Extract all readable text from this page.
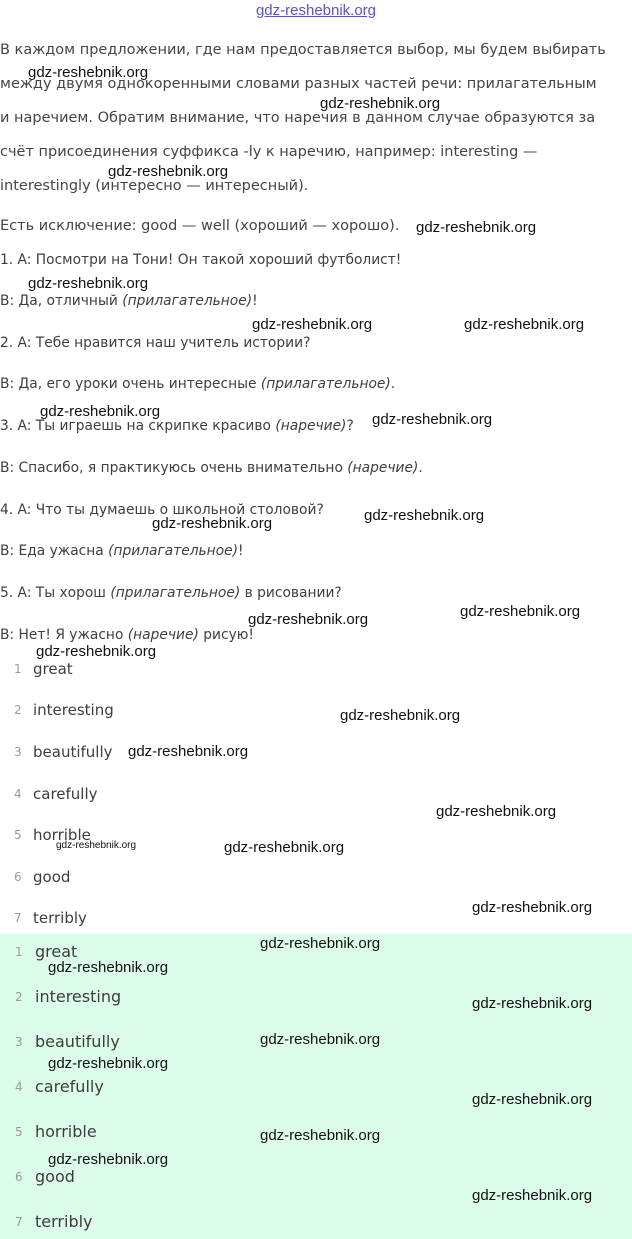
gdz-reshebnik.org
В каждом предложении, где нам предоставляется выбор, мы будем выбирать
между двумя однокоренными словами разных частей речи: прилагательным
и наречием. Обратим внимание, что наречия в данном случае образуются за
счёт присоединения суффикса -ly к наречию, например: interesting —
interestingly (интересно — интересный).
Есть исключение: good — well (хороший — хорошо).
1. A: Посмотри на Тони! Он такой хороший футболист!
B: Да, отличный (прилагательное)!
2. A: Тебе нравится наш учитель истории?
B: Да, его уроки очень интересные (прилагательное).
3. A: Ты играешь на скрипке красиво (наречие)?
B: Спасибо, я практикуюсь очень внимательно (наречие).
4. A: Что ты думаешь о школьной столовой?
B: Еда ужасна (прилагательное)!
5. A: Ты хорош (прилагательное) в рисовании?
B: Нет! Я ужасно (наречие) рисую!
1 great
2 interesting
3 beautifully
4 carefully
5 horrible
6 good
7 terribly
1 great
2 interesting
3 beautifully
4 carefully
5 horrible
6 good
7 terribly
gdz-reshebnik.org
gdz-reshebnik.org
gdz-reshebnik.org
gdz-reshebnik.org
gdz-reshebnik.org
gdz-reshebnik.org	gdz-reshebnik.org
gdz-reshebnik.org	gdz-reshebnik.org
gdz-reshebnik.org
gdz-reshebnik.org
gdz-reshebnik.org
gdz-reshebnik.org
gdz-reshebnik.org
gdz-reshebnik.org
gdz-reshebnik.org
gdz-reshebnik.org
gdz-reshebnik.org	gdz-reshebnik.org
gdz-reshebnik.org
gdz-reshebnik.org
gdz-reshebnik.org
gdz-reshebnik.org
gdz-reshebnik.org
gdz-reshebnik.org
gdz-reshebnik.org
gdz-reshebnik.org
gdz-reshebnik.org
gdz-reshebnik.org
